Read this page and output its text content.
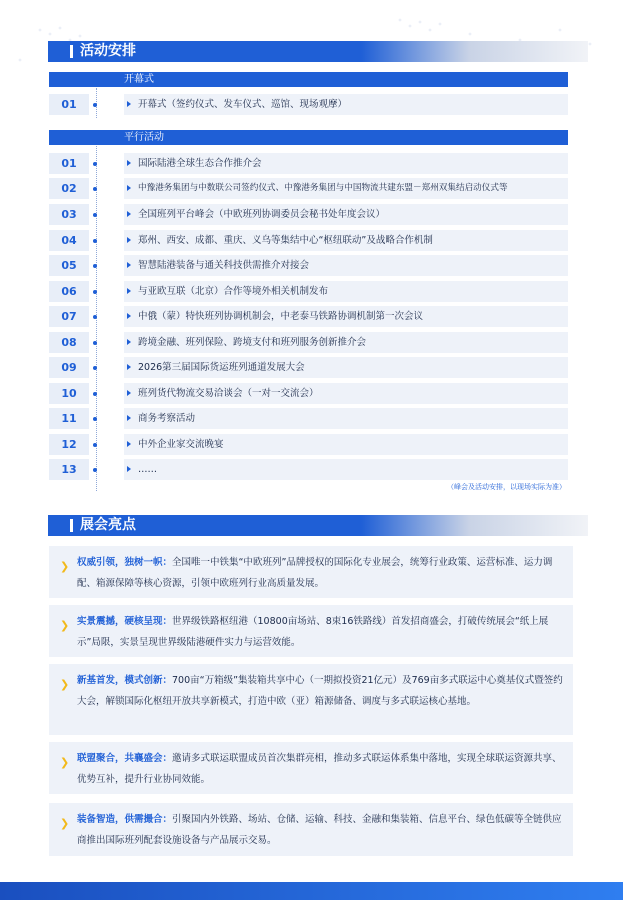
活动安排
开幕式
01	开幕式（签约仪式、发车仪式、巡馆、现场观摩）
平行活动
01	国际陆港全球生态合作推介会
02	中豫港务集团与中数联公司签约仪式、中豫港务集团与中国物流共建东盟－郑州双集结启动仪式等
03	全国班列平台峰会（中欧班列协调委员会秘书处年度会议）
04	郑州、西安、成都、重庆、义乌等集结中心“枢纽联动”及战略合作机制
05	智慧陆港装备与通关科技供需推介对接会
06	与亚欧互联（北京）合作等境外相关机制发布
07	中俄（蒙）特快班列协调机制会，中老泰马铁路协调机制第一次会议
08	跨境金融、班列保险、跨境支付和班列服务创新推介会
09	2026第三届国际货运班列通道发展大会
10	班列货代物流交易洽谈会（一对一交流会）
11	商务考察活动
12	中外企业家交流晚宴
13	……
（峰会及活动安排，以现场实际为准）
展会亮点
❯ 权威引领，独树一帜：全国唯一中铁集“中欧班列”品牌授权的国际化专业展会，统筹行业政策、运营标准、运力调配、箱源保障等核心资源，引领中欧班列行业高质量发展。
❯ 实景震撼，硬核呈现：世界级铁路枢纽港（10800亩场站、8束16铁路线）首发招商盛会，打破传统展会“纸上展示”局限，实景呈现世界级陆港硬件实力与运营效能。
❯ 新基首发，模式创新：700亩“万箱级”集装箱共享中心（一期拟投资21亿元）及769亩多式联运中心奠基仪式暨签约大会，解锁国际化枢纽开放共享新模式，打造中欧（亚）箱源储备、调度与多式联运核心基地。
❯ 联盟聚合，共襄盛会：邀请多式联运联盟成员首次集群亮相，推动多式联运体系集中落地，实现全球联运资源共享、优势互补，提升行业协同效能。
❯ 装备智造，供需撮合：引聚国内外铁路、场站、仓储、运输、科技、金融和集装箱、信息平台、绿色低碳等全链供应商推出国际班列配套设施设备与产品展示交易。
